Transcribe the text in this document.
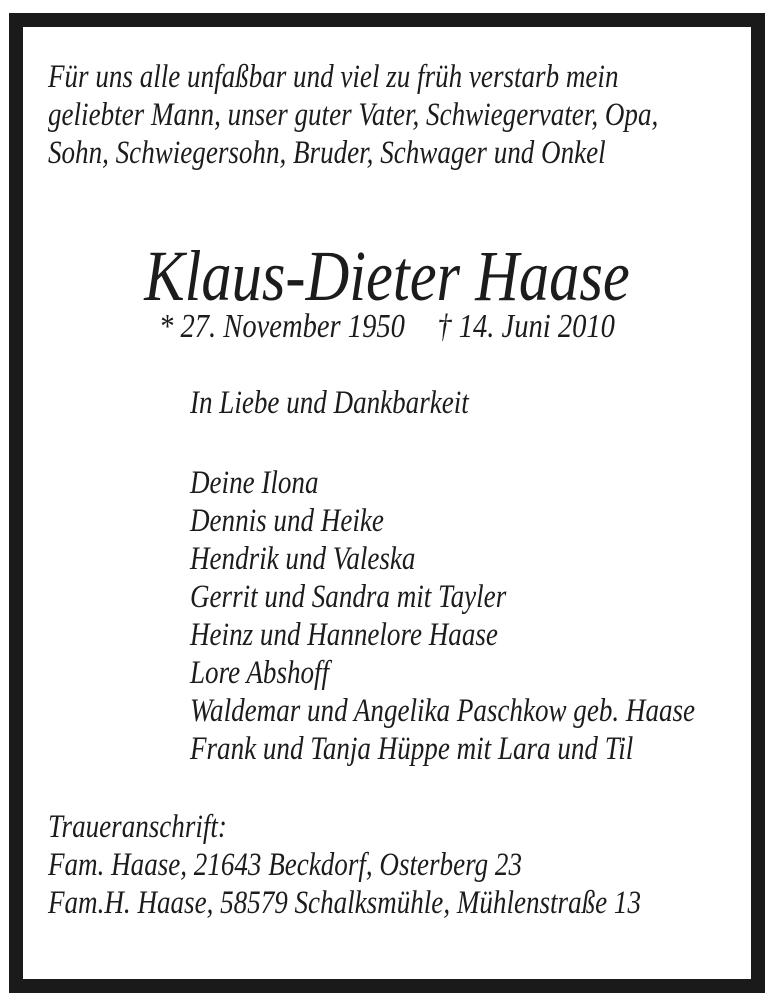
Für uns alle unfaßbar und viel zu früh verstarb mein
geliebter Mann, unser guter Vater, Schwiegervater, Opa,
Sohn, Schwiegersohn, Bruder, Schwager und Onkel
Klaus-Dieter Haase
* 27. November 1950 † 14. Juni 2010
In Liebe und Dankbarkeit
Deine Ilona
Dennis und Heike
Hendrik und Valeska
Gerrit und Sandra mit Tayler
Heinz und Hannelore Haase
Lore Abshoff
Waldemar und Angelika Paschkow geb. Haase
Frank und Tanja Hüppe mit Lara und Til
Traueranschrift:
Fam. Haase, 21643 Beckdorf, Osterberg 23
Fam.H. Haase, 58579 Schalksmühle, Mühlenstraße 13
